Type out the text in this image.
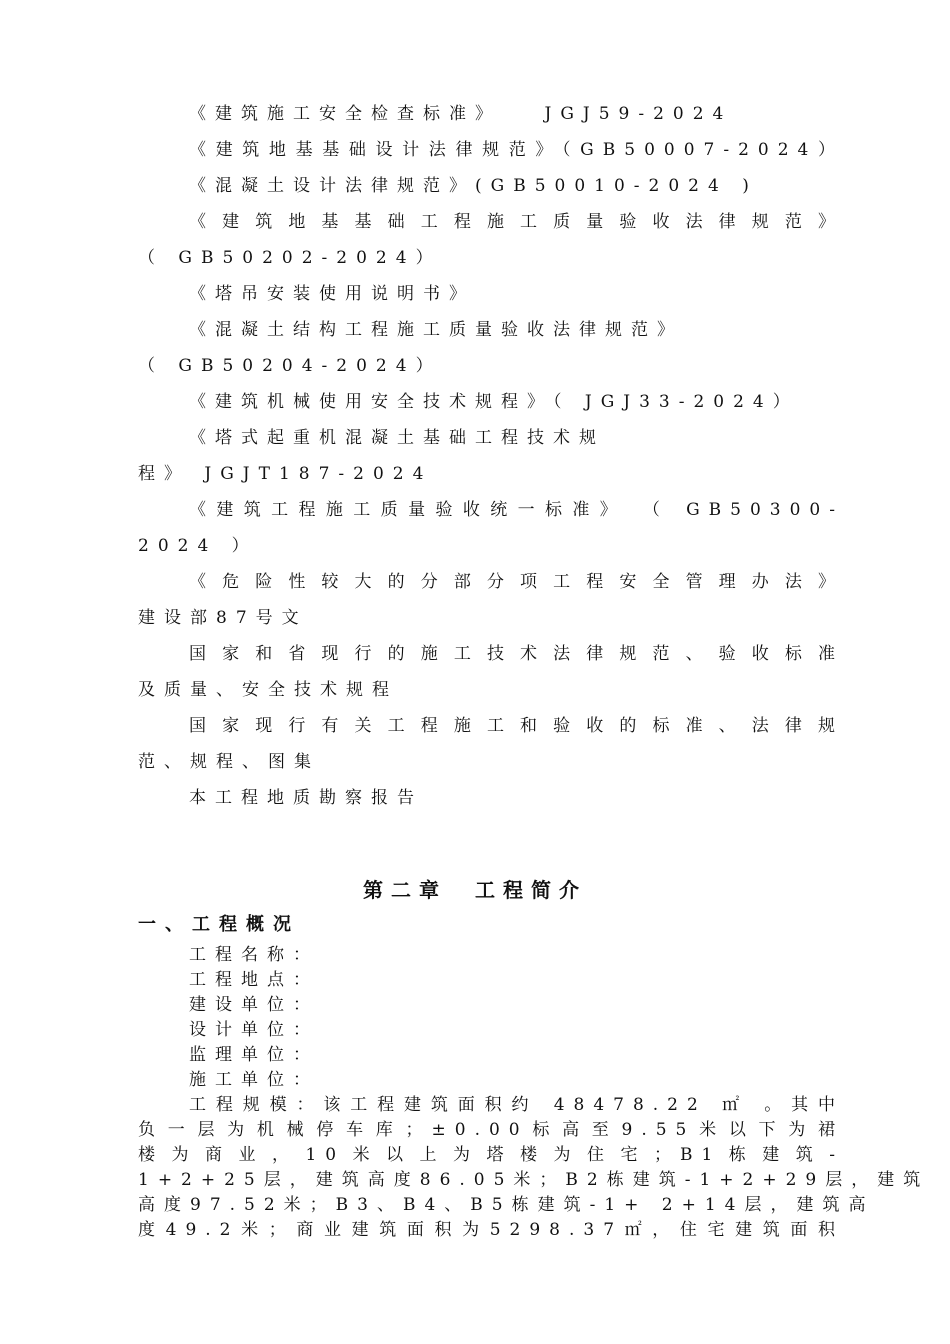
《建筑施工安全检查标准》　　JGJ59-2024
《建筑地基基础设计法律规范》（GB50007-2024）
《混凝土设计法律规范》(GB50010-2024 )
《建筑地基基础工程施工质量验收法律规范》
（ GB50202-2024）
《塔吊安装使用说明书》
《混凝土结构工程施工质量验收法律规范》
（ GB50204-2024）
《建筑机械使用安全技术规程》（ JGJ33-2024）
《塔式起重机混凝土基础工程技术规
程》 JGJT187-2024
《建筑工程施工质量验收统一标准》 （ GB50300-
2024 ）
《危险性较大的分部分项工程安全管理办法》
建设部87号文
国家和省现行的施工技术法律规范、验收标准
及质量、安全技术规程
国家现行有关工程施工和验收的标准、法律规
范、规程、图集
本工程地质勘察报告
第二章　工程简介
一、工程概况
工程名称：
工程地点：
建设单位：
设计单位：
监理单位：
施工单位：
工程规模：该工程建筑面积约 48478.22 ㎡ 。其中
负一层为机械停车库；±0.00标高至9.55米以下为裙
楼为商业，10米以上为塔楼为住宅；B1栋建筑-
1+2+25层，建筑高度86.05米；B2栋建筑-1+2+29层，建筑
高度97.52米；B3、B4、B5栋建筑-1+ 2+14层，建筑高
度49.2米；商业建筑面积为5298.37㎡，住宅建筑面积
